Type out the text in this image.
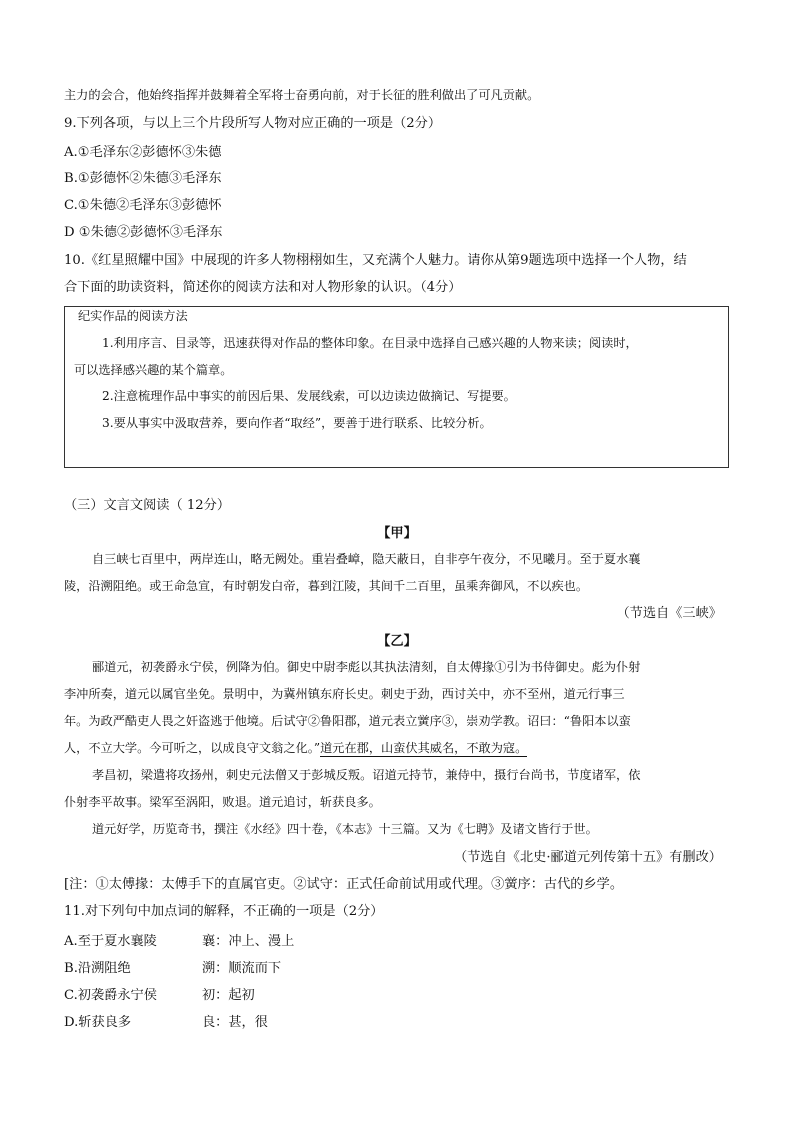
主力的会合，他始终指挥并鼓舞着全军将士奋勇向前，对于长征的胜利做出了可凡贡献。
9.下列各项，与以上三个片段所写人物对应正确的一项是（2分）
A.①毛泽东②彭德怀③朱德
B.①彭德怀②朱德③毛泽东
C.①朱德②毛泽东③彭德怀
D ①朱德②彭德怀③毛泽东
10.《红星照耀中国》中展现的许多人物栩栩如生，又充满个人魅力。请你从第9题选项中选择一个人物，结
合下面的助读资料，简述你的阅读方法和对人物形象的认识。（4分）
纪实作品的阅读方法
1.利用序言、目录等，迅速获得对作品的整体印象。在目录中选择自己感兴趣的人物来读；阅读时，
可以选择感兴趣的某个篇章。
2.注意梳理作品中事实的前因后果、发展线索，可以边读边做摘记、写提要。
3.要从事实中汲取营养，要向作者“取经”，要善于进行联系、比较分析。
（三）文言文阅读（ 12分）
【甲】
自三峡七百里中，两岸连山，略无阙处。重岩叠嶂，隐天蔽日，自非亭午夜分，不见曦月。至于夏水襄
陵，沿溯阻绝。或王命急宣，有时朝发白帝，暮到江陵，其间千二百里，虽乘奔御风，不以疾也。
（节选自《三峡》
【乙】
郦道元，初袭爵永宁侯，例降为伯。御史中尉李彪以其执法清刻，自太傅掾①引为书侍御史。彪为仆射
李冲所奏，道元以属官坐免。景明中，为冀州镇东府长史。刺史于劲，西讨关中，亦不至州，道元行事三
年。为政严酷吏人畏之奸盗逃于他境。后试守②鲁阳郡，道元表立黉序③，崇劝学教。诏曰：“鲁阳本以蛮
人，不立大学。今可听之，以成良守文翁之化。”道元在郡，山蛮伏其威名，不敢为寇。
孝昌初，梁遣将攻扬州，刺史元法僧又于彭城反叛。诏道元持节，兼侍中，摄行台尚书，节度诸军，依
仆射李平故事。梁军至涡阳，败退。道元追讨，斩获良多。
道元好学，历览奇书，撰注《水经》四十卷，《本志》十三篇。又为《七聘》及诸文皆行于世。
（节选自《北史·郦道元列传第十五》有删改）
[注：①太傅掾：太傅手下的直属官吏。②试守：正式任命前试用或代理。③黉序：古代的乡学。
11.对下列句中加点词的解释，不正确的一项是（2分）
A.至于夏水襄陵	襄：冲上、漫上
B.沿溯阻绝	溯：顺流而下
C.初袭爵永宁侯	初：起初
D.斩获良多	良：甚，很
